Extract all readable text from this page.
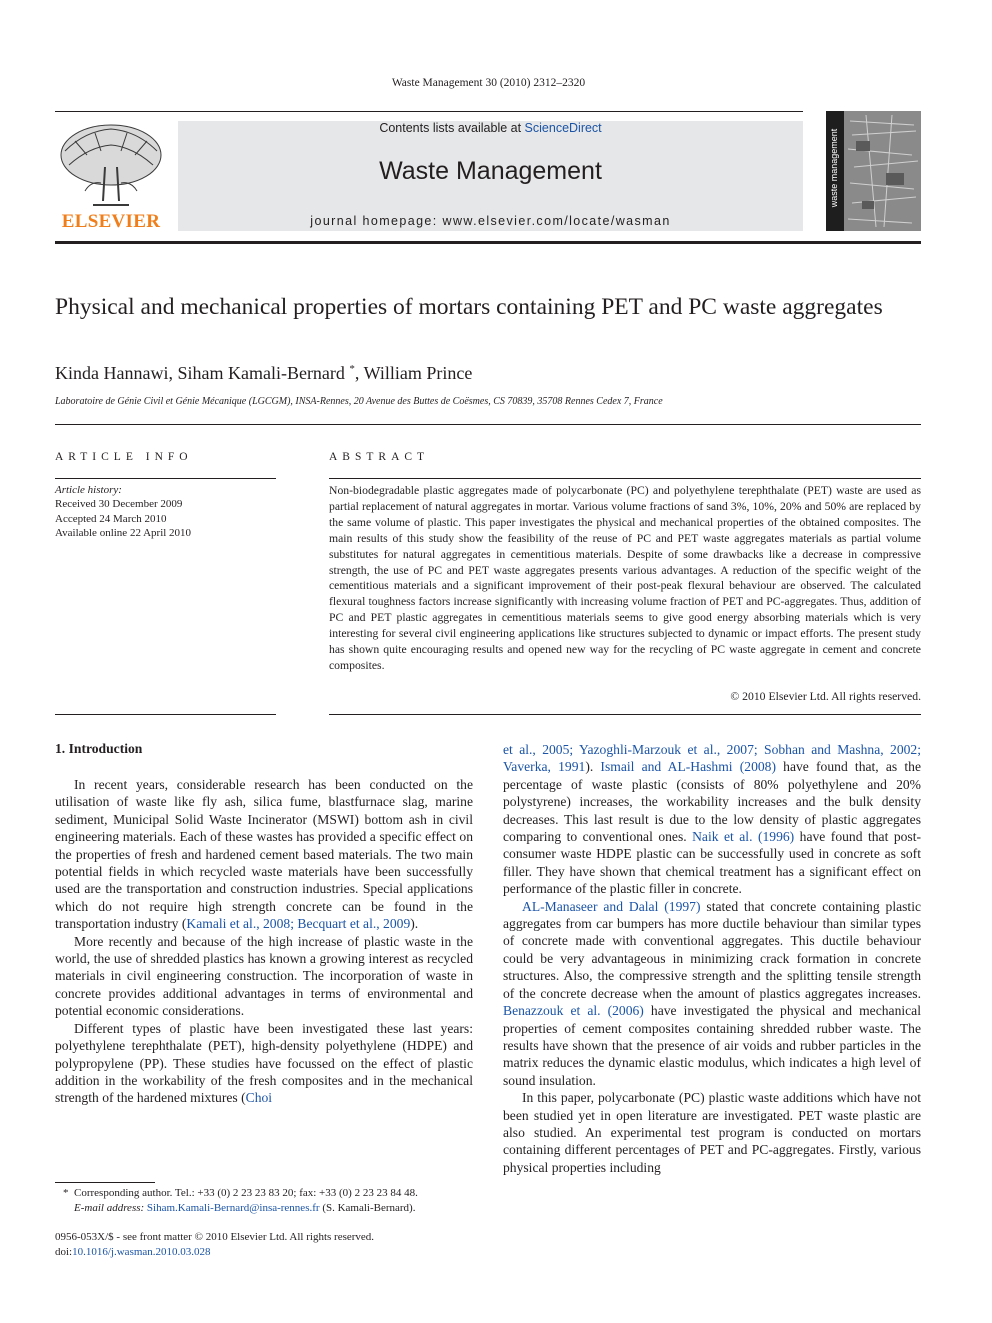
Waste Management 30 (2010) 2312–2320
ELSEVIER
Contents lists available at ScienceDirect
Waste Management
journal homepage: www.elsevier.com/locate/wasman
waste management
Physical and mechanical properties of mortars containing PET and PC waste aggregates
Kinda Hannawi, Siham Kamali-Bernard *, William Prince
Laboratoire de Génie Civil et Génie Mécanique (LGCGM), INSA-Rennes, 20 Avenue des Buttes de Coësmes, CS 70839, 35708 Rennes Cedex 7, France
ARTICLE INFO
Article history:
Received 30 December 2009
Accepted 24 March 2010
Available online 22 April 2010
ABSTRACT
Non-biodegradable plastic aggregates made of polycarbonate (PC) and polyethylene terephthalate (PET) waste are used as partial replacement of natural aggregates in mortar. Various volume fractions of sand 3%, 10%, 20% and 50% are replaced by the same volume of plastic. This paper investigates the physical and mechanical properties of the obtained composites. The main results of this study show the feasibility of the reuse of PC and PET waste aggregates materials as partial volume substitutes for natural aggregates in cementitious materials. Despite of some drawbacks like a decrease in compressive strength, the use of PC and PET waste aggregates presents various advantages. A reduction of the specific weight of the cementitious materials and a significant improvement of their post-peak flexural behaviour are observed. The calculated flexural toughness factors increase significantly with increasing volume fraction of PET and PC-aggregates. Thus, addition of PC and PET plastic aggregates in cementitious materials seems to give good energy absorbing materials which is very interesting for several civil engineering applications like structures subjected to dynamic or impact efforts. The present study has shown quite encouraging results and opened new way for the recycling of PC waste aggregate in cement and concrete composites.
© 2010 Elsevier Ltd. All rights reserved.
1. Introduction

In recent years, considerable research has been conducted on the utilisation of waste like fly ash, silica fume, blastfurnace slag, marine sediment, Municipal Solid Waste Incinerator (MSWI) bottom ash in civil engineering materials. Each of these wastes has provided a specific effect on the properties of fresh and hardened cement based materials. The two main potential fields in which recycled waste materials have been successfully used are the transportation and construction industries. Special applications which do not require high strength concrete can be found in the transportation industry (Kamali et al., 2008; Becquart et al., 2009).

More recently and because of the high increase of plastic waste in the world, the use of shredded plastics has known a growing interest as recycled materials in civil engineering construction. The incorporation of waste in concrete provides additional advantages in terms of environmental and potential economic considerations.

Different types of plastic have been investigated these last years: polyethylene terephthalate (PET), high-density polyethylene (HDPE) and polypropylene (PP). These studies have focussed on the effect of plastic addition in the workability of the fresh composites and in the mechanical strength of the hardened mixtures (Choi

et al., 2005; Yazoghli-Marzouk et al., 2007; Sobhan and Mashna, 2002; Vaverka, 1991). Ismail and AL-Hashmi (2008) have found that, as the percentage of waste plastic (consists of 80% polyethylene and 20% polystyrene) increases, the workability increases and the bulk density decreases. This last result is due to the low density of plastic aggregates comparing to conventional ones. Naik et al. (1996) have found that post-consumer waste HDPE plastic can be successfully used in concrete as soft filler. They have shown that chemical treatment has a significant effect on performance of the plastic filler in concrete.

AL-Manaseer and Dalal (1997) stated that concrete containing plastic aggregates from car bumpers has more ductile behaviour than similar types of concrete made with conventional aggregates. This ductile behaviour could be very advantageous in minimizing crack formation in concrete structures. Also, the compressive strength and the splitting tensile strength of the concrete decrease when the amount of plastics aggregates increases. Benazzouk et al. (2006) have investigated the physical and mechanical properties of cement composites containing shredded rubber waste. The results have shown that the presence of air voids and rubber particles in the matrix reduces the dynamic elastic modulus, which indicates a high level of sound insulation.

In this paper, polycarbonate (PC) plastic waste additions which have not been studied yet in open literature are investigated. PET waste plastic are also studied. An experimental test program is conducted on mortars containing different percentages of PET and PC-aggregates. Firstly, various physical properties including

* Corresponding author. Tel.: +33 (0) 2 23 23 83 20; fax: +33 (0) 2 23 23 84 48.
E-mail address: Siham.Kamali-Bernard@insa-rennes.fr (S. Kamali-Bernard).
0956-053X/$ - see front matter © 2010 Elsevier Ltd. All rights reserved.
doi:10.1016/j.wasman.2010.03.028
